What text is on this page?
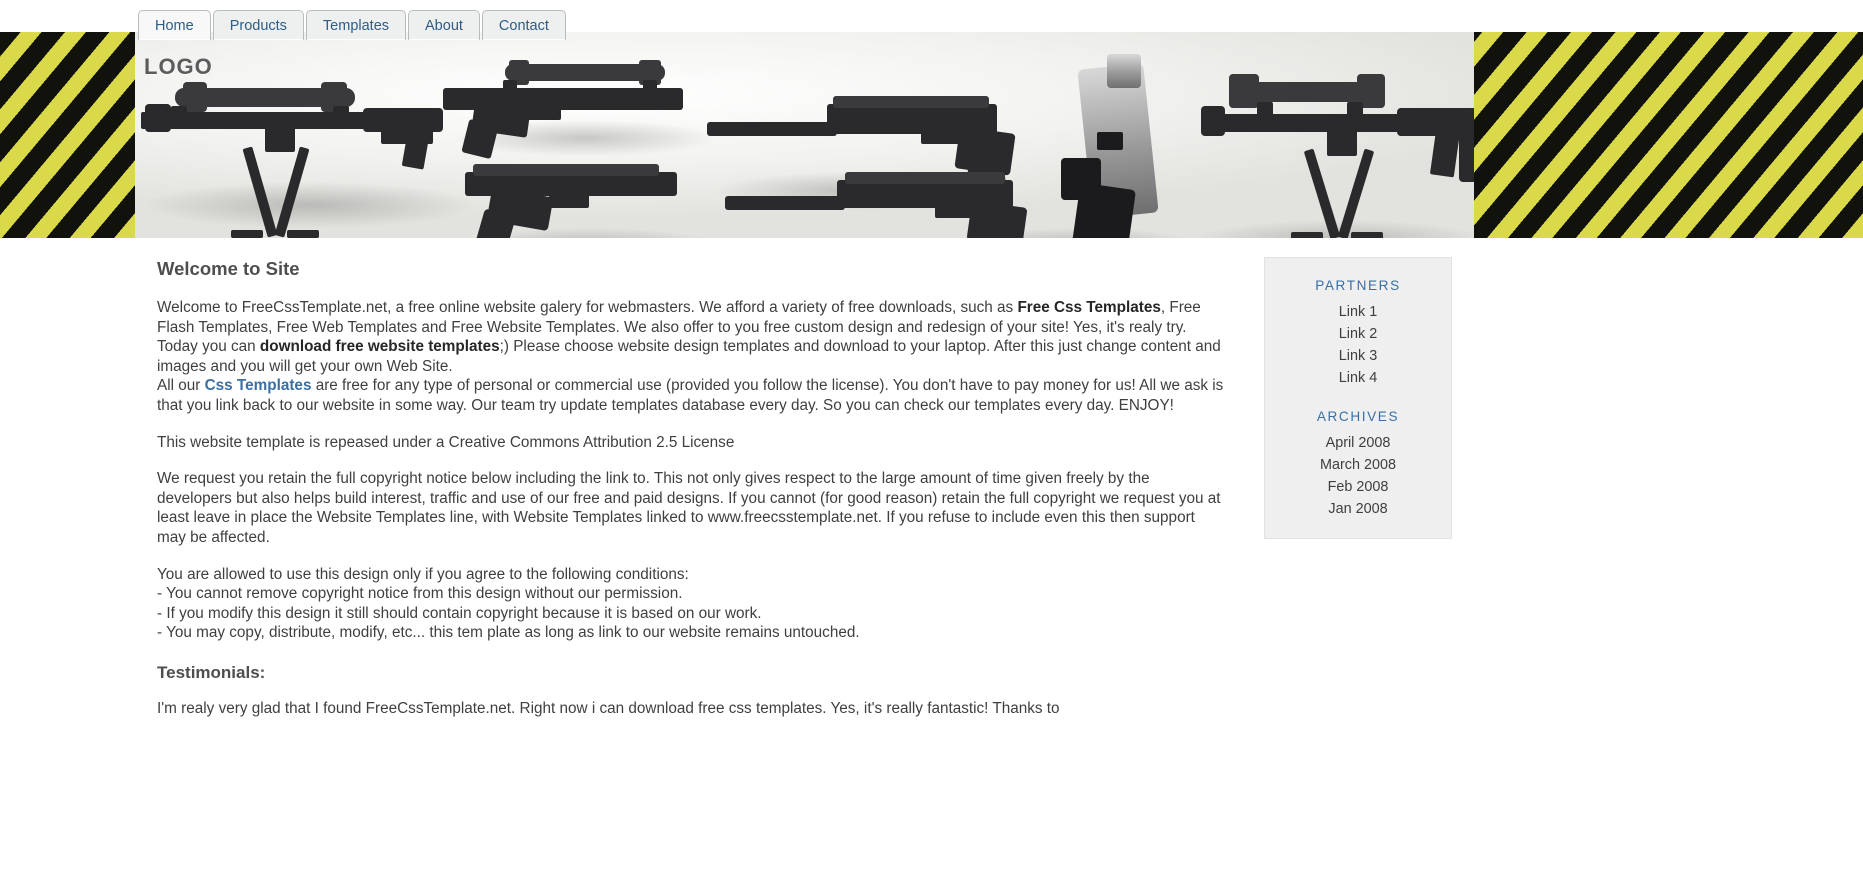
Home	Products	Templates	About	Contact
LOGO
Welcome to Site

Welcome to FreeCssTemplate.net, a free online website galery for webmasters. We afford a variety of free downloads, such as Free Css Templates, Free Flash Templates, Free Web Templates and Free Website Templates. We also offer to you free custom design and redesign of your site! Yes, it's realy try. Today you can download free website templates;) Please choose website design templates and download to your laptop. After this just change content and images and you will get your own Web Site.
All our Css Templates are free for any type of personal or commercial use (provided you follow the license). You don't have to pay money for us! All we ask is that you link back to our website in some way. Our team try update templates database every day. So you can check our templates every day. ENJOY!

This website template is repeased under a Creative Commons Attribution 2.5 License

We request you retain the full copyright notice below including the link to. This not only gives respect to the large amount of time given freely by the developers but also helps build interest, traffic and use of our free and paid designs. If you cannot (for good reason) retain the full copyright we request you at least leave in place the Website Templates line, with Website Templates linked to www.freecsstemplate.net. If you refuse to include even this then support may be affected.

You are allowed to use this design only if you agree to the following conditions:
- You cannot remove copyright notice from this design without our permission.
- If you modify this design it still should contain copyright because it is based on our work.
- You may copy, distribute, modify, etc... this tem plate as long as link to our website remains untouched.

Testimonials:

I'm realy very glad that I found FreeCssTemplate.net. Right now i can download free css templates. Yes, it's really fantastic! Thanks to

PARTNERS
Link 1
Link 2
Link 3
Link 4
ARCHIVES
April 2008
March 2008
Feb 2008
Jan 2008
